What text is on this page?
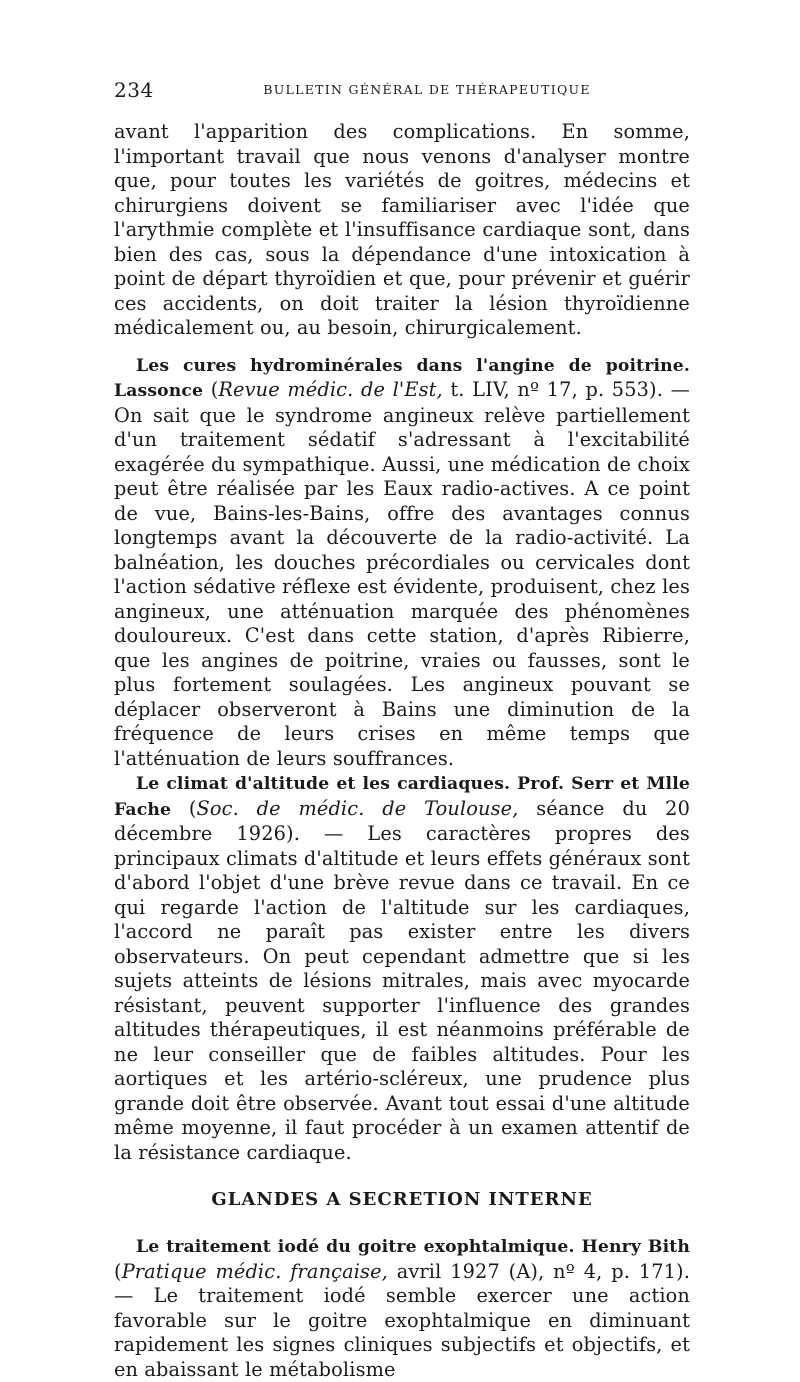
234	BULLETIN GÉNÉRAL DE THÉRAPEUTIQUE

avant l'apparition des complications. En somme, l'important travail que nous venons d'analyser montre que, pour toutes les variétés de goitres, médecins et chirurgiens doivent se familiariser avec l'idée que l'arythmie complète et l'insuffisance cardiaque sont, dans bien des cas, sous la dépendance d'une intoxication à point de départ thyroïdien et que, pour prévenir et guérir ces accidents, on doit traiter la lésion thyroïdienne médicalement ou, au besoin, chirurgicalement.

Les cures hydrominérales dans l'angine de poitrine. Lassonce (Revue médic. de l'Est, t. LIV, nº 17, p. 553). — On sait que le syndrome angineux relève partiellement d'un traitement sédatif s'adressant à l'excitabilité exagérée du sympathique. Aussi, une médication de choix peut être réalisée par les Eaux radio-actives. A ce point de vue, Bains-les-Bains, offre des avantages connus longtemps avant la découverte de la radio-activité. La balnéation, les douches précordiales ou cervicales dont l'action sédative réflexe est évidente, produisent, chez les angineux, une atténuation marquée des phénomènes douloureux. C'est dans cette station, d'après Ribierre, que les angines de poitrine, vraies ou fausses, sont le plus fortement soulagées. Les angineux pouvant se déplacer observeront à Bains une diminution de la fréquence de leurs crises en même temps que l'atténuation de leurs souffrances.

Le climat d'altitude et les cardiaques. Prof. Serr et Mlle Fache (Soc. de médic. de Toulouse, séance du 20 décembre 1926). — Les caractères propres des principaux climats d'altitude et leurs effets généraux sont d'abord l'objet d'une brève revue dans ce travail. En ce qui regarde l'action de l'altitude sur les cardiaques, l'accord ne paraît pas exister entre les divers observateurs. On peut cependant admettre que si les sujets atteints de lésions mitrales, mais avec myocarde résistant, peuvent supporter l'influence des grandes altitudes thérapeutiques, il est néanmoins préférable de ne leur conseiller que de faibles altitudes. Pour les aortiques et les artério-scléreux, une prudence plus grande doit être observée. Avant tout essai d'une altitude même moyenne, il faut procéder à un examen attentif de la résistance cardiaque.

GLANDES A SECRETION INTERNE

Le traitement iodé du goitre exophtalmique. Henry Bith (Pratique médic. française, avril 1927 (A), nº 4, p. 171). — Le traitement iodé semble exercer une action favorable sur le goitre exophtalmique en diminuant rapidement les signes cliniques subjectifs et objectifs, et en abaissant le métabolisme
